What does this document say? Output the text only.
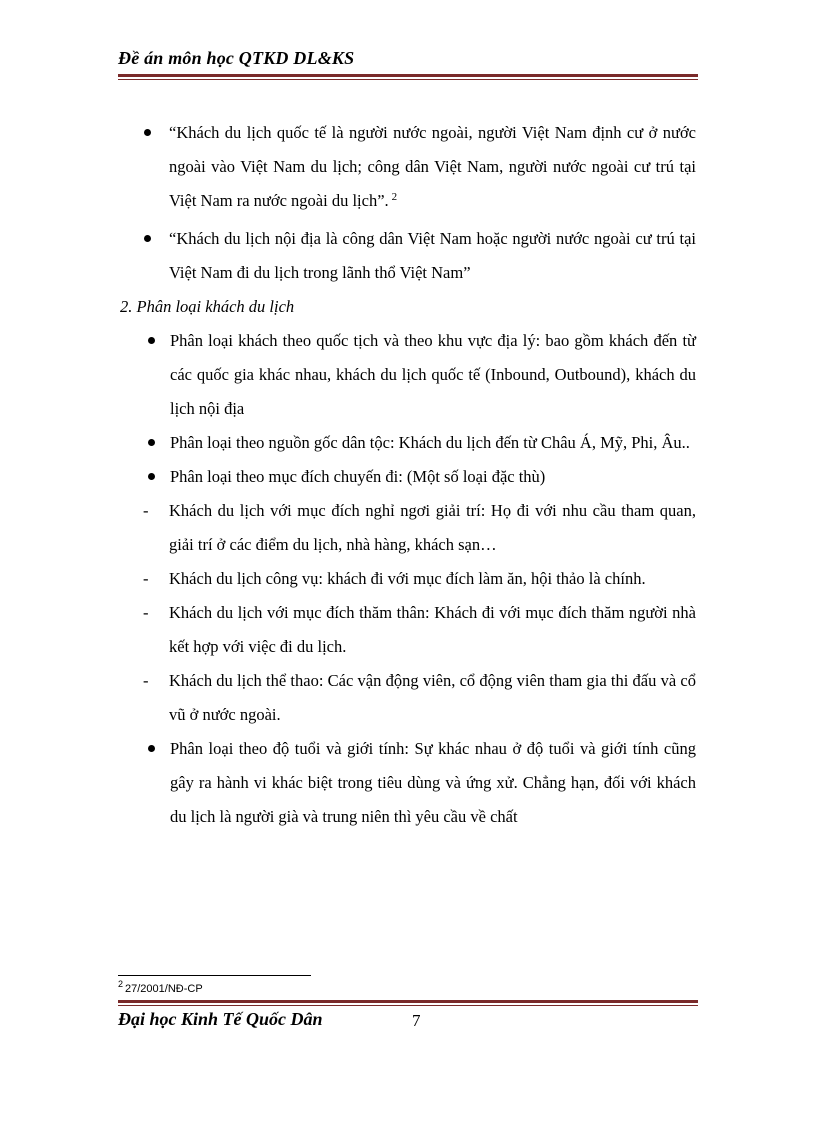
Đề án môn học QTKD DL&KS
“Khách du lịch quốc tế là người nước ngoài, người Việt Nam định cư ở nước ngoài vào Việt Nam du lịch; công dân Việt Nam, người nước ngoài cư trú tại Việt Nam ra nước ngoài du lịch”. $^2$
“Khách du lịch nội địa là công dân Việt Nam hoặc người nước ngoài cư trú tại Việt Nam đi du lịch trong lãnh thổ Việt Nam”
2. Phân loại khách du lịch
Phân loại khách theo quốc tịch và theo khu vực địa lý: bao gồm khách đến từ các quốc gia khác nhau, khách du lịch quốc tế (Inbound, Outbound), khách du lịch nội địa
Phân loại theo nguồn gốc dân tộc: Khách du lịch đến từ Châu Á, Mỹ, Phi, Âu..
Phân loại theo mục đích chuyến đi: (Một số loại đặc thù)
- Khách du lịch với mục đích nghỉ ngơi giải trí: Họ đi với nhu cầu tham quan, giải trí ở các điểm du lịch, nhà hàng, khách sạn…
- Khách du lịch công vụ: khách đi với mục đích làm ăn, hội thảo là chính.
- Khách du lịch với mục đích thăm thân: Khách đi với mục đích thăm người nhà kết hợp với việc đi du lịch.
- Khách du lịch thể thao: Các vận động viên, cổ động viên tham gia thi đấu và cổ vũ ở nước ngoài.
Phân loại theo độ tuổi và giới tính: Sự khác nhau ở độ tuổi và giới tính cũng gây ra hành vi khác biệt trong tiêu dùng và ứng xử. Chẳng hạn, đối với khách du lịch là người già và trung niên thì yêu cầu về chất
$^2$ 27/2001/NĐ-CP
Đại học Kinh Tế Quốc Dân	7
